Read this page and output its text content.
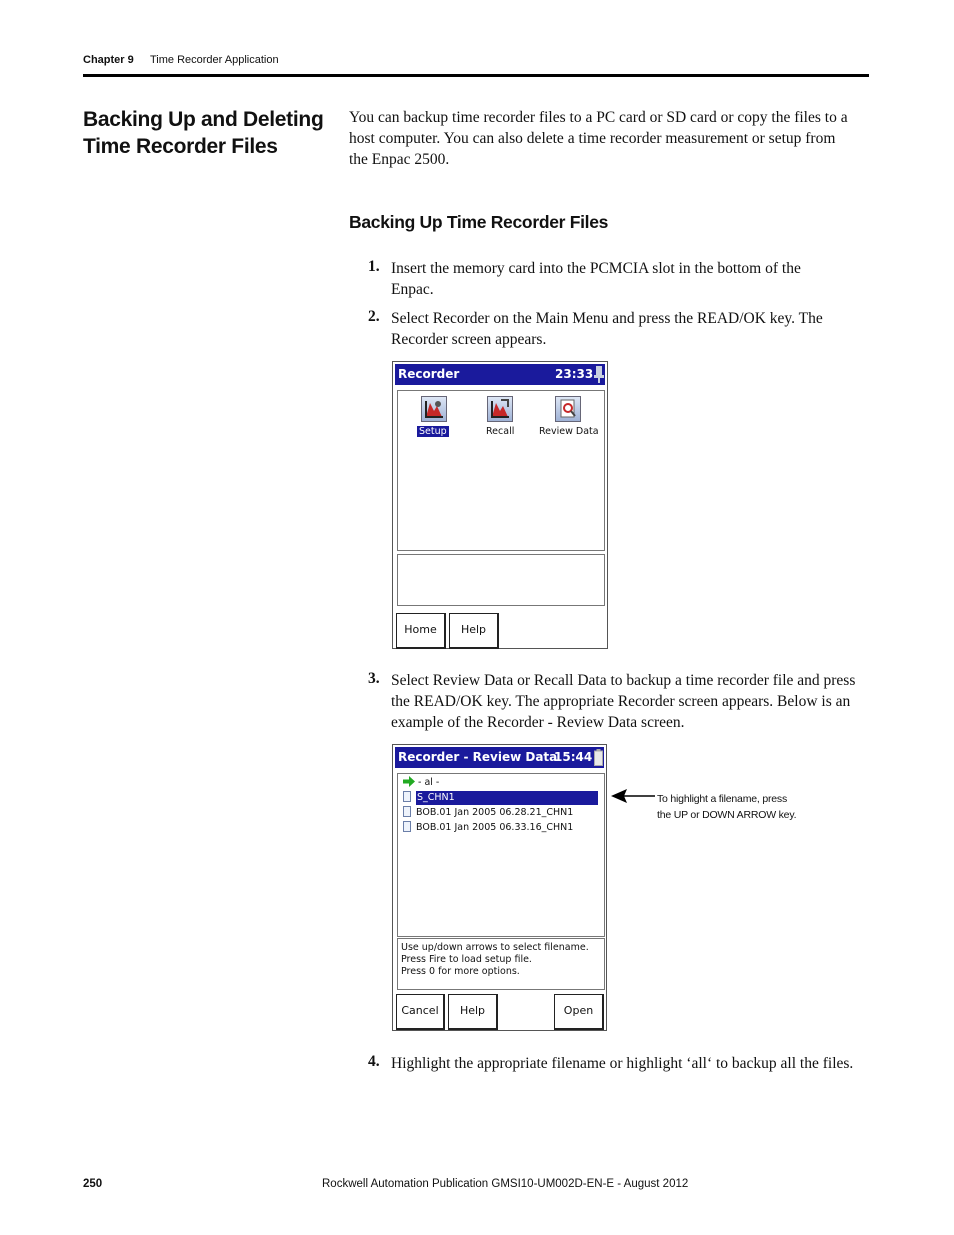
Chapter 9 Time Recorder Application
Backing Up and Deleting
Time Recorder Files
You can backup time recorder files to a PC card or SD card or copy the files to a
host computer. You can also delete a time recorder measurement or setup from
the Enpac 2500.
Backing Up Time Recorder Files
1. Insert the memory card into the PCMCIA slot in the bottom of the
Enpac.
2. Select Recorder on the Main Menu and press the READ/OK key. The
Recorder screen appears.
Recorder	23:33
Setup	Recall	Review Data
Home	Help
3. Select Review Data or Recall Data to backup a time recorder file and press
the READ/OK key. The appropriate Recorder screen appears. Below is an
example of the Recorder - Review Data screen.
Recorder - Review Data
15:44
- al -
S_CHN1
BOB.01 Jan 2005 06.28.21_CHN1
BOB.01 Jan 2005 06.33.16_CHN1
Use up/down arrows to select filename.
Press Fire to load setup file.
Press 0 for more options.
Cancel	Help	Open
To highlight a filename, press
the UP or DOWN ARROW key.
4. Highlight the appropriate filename or highlight ‘all‘ to backup all the files.
250	Rockwell Automation Publication GMSI10-UM002D-EN-E - August 2012
